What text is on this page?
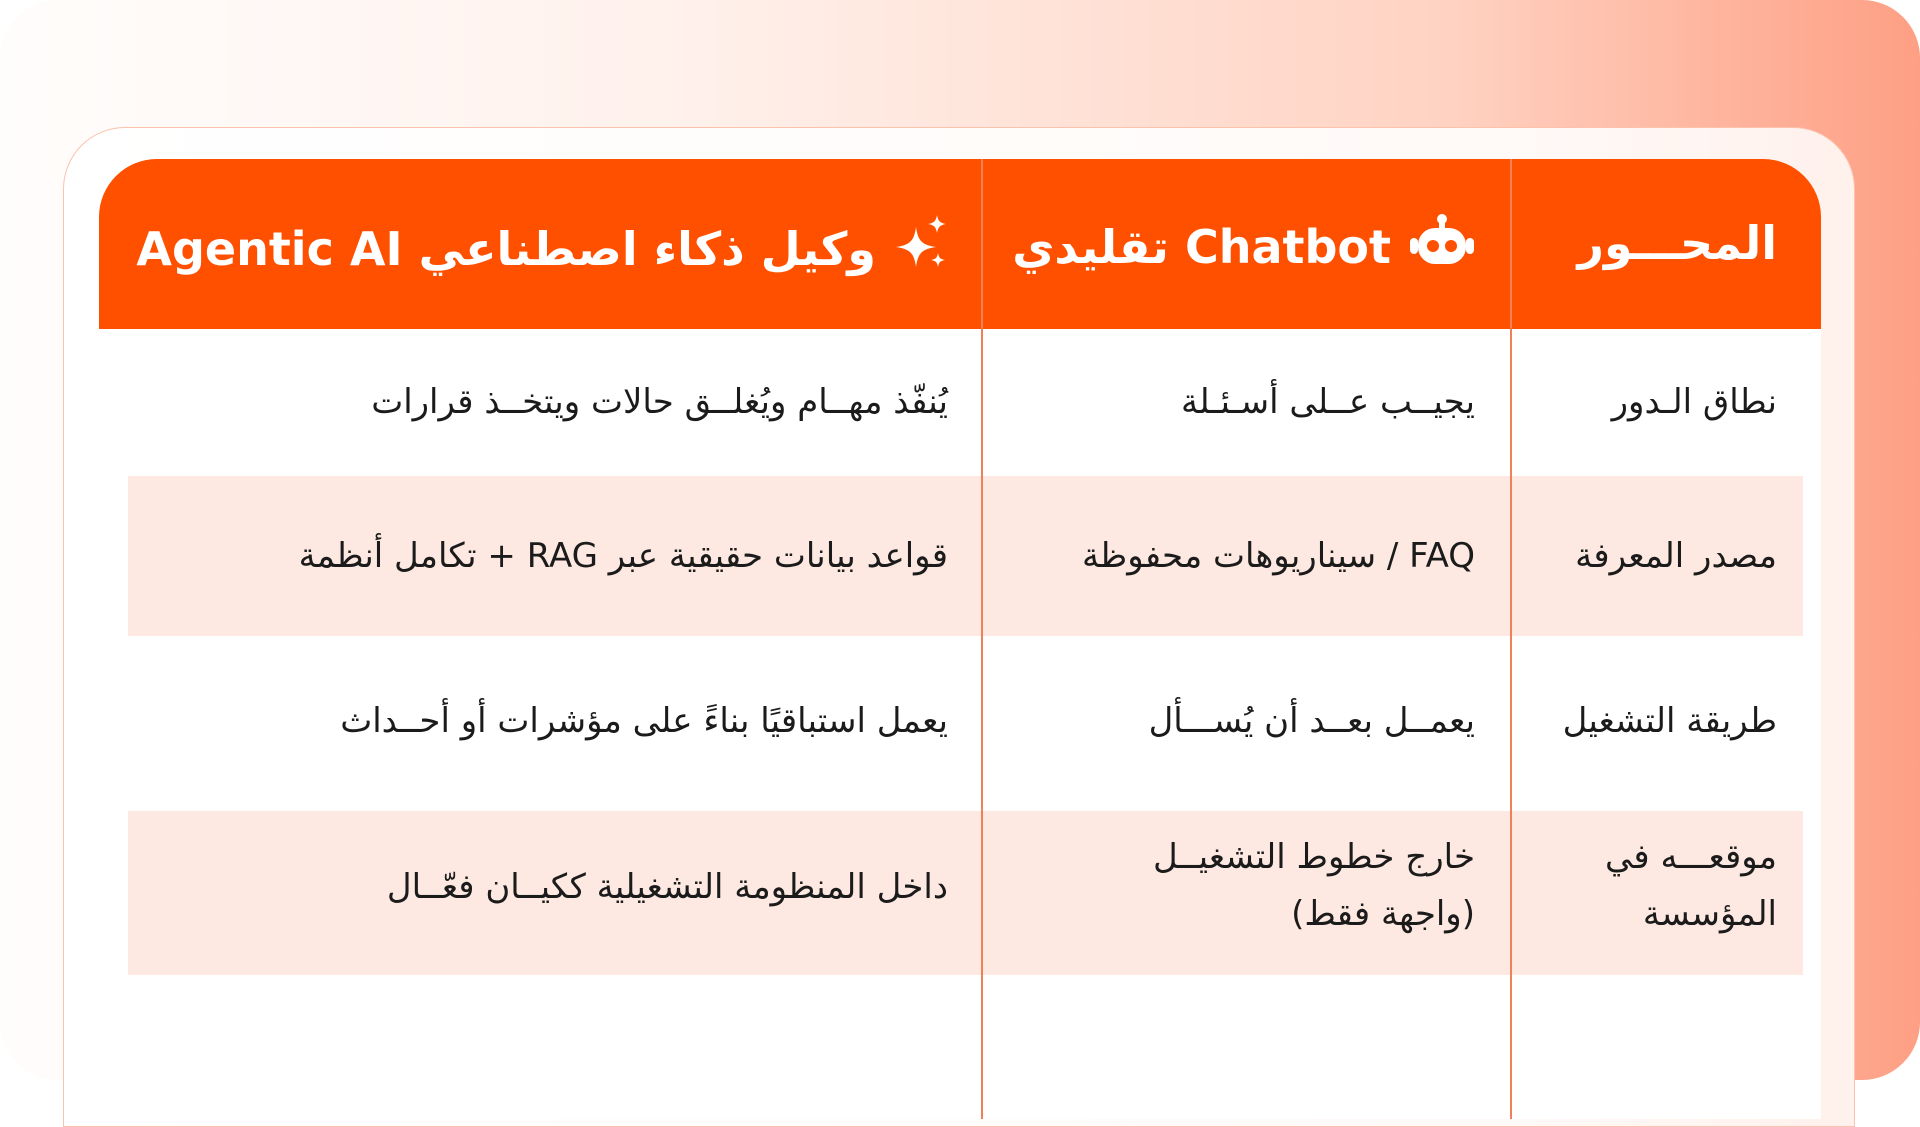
المحـــور
Chatbot تقليدي
وكيل ذكاء اصطناعي Agentic AI
نطاق الـدور
يجيــب عــلى أسـئـلة
يُنفّذ مهــام ويُغلــق حالات ويتخــذ قرارات
مصدر المعرفة
FAQ / سيناريوهات محفوظة
قواعد بيانات حقيقية عبر RAG + تكامل أنظمة
طريقة التشغيل
يعمــل بعــد أن يُســـأل
يعمل استباقيًا بناءً على مؤشرات أو أحــداث
موقعـــه في
المؤسسة
خارج خطوط التشغيــل
(واجهة فقط)
داخل المنظومة التشغيلية ككيــان فعّــال
